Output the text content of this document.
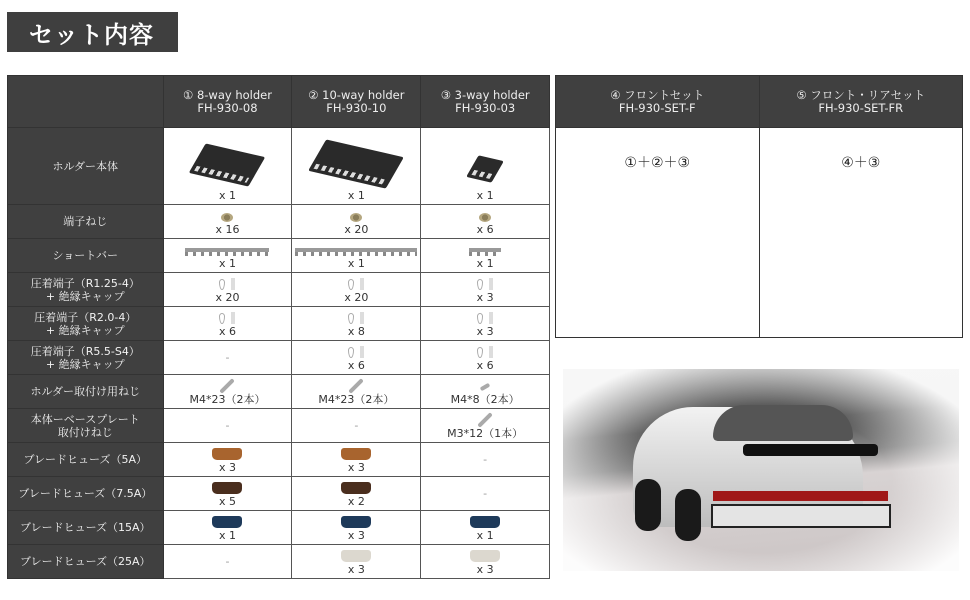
セット内容

① 8-way holder
FH-930-08

② 10-way holder
FH-930-10

③ 3-way holder
FH-930-03

ホルダー本体	x 1	x 1	x 1

端子ねじ	x 16	x 20	x 6

ショートバー	x 1	x 1	x 1

圧着端子（R1.25-4）
+ 絶縁キャップ	x 20	x 20	x 3

圧着端子（R2.0-4）
+ 絶縁キャップ	x 6	x 8	x 3

圧着端子（R5.5-S4）
+ 絶縁キャップ	-	x 6	x 6

ホルダー取付け用ねじ	M4*23（2本）	M4*23（2本）	M4*8（2本）

本体ーベースプレート
取付けねじ	-	-	M3*12（1本）

ブレードヒューズ（5A）	x 3	x 3	-
ブレードヒューズ（7.5A）	x 5	x 2	-
ブレードヒューズ（15A）	x 1	x 3	x 1

ブレードヒューズ（25A）	-	x 3	x 3
④ フロントセット
FH-930-SET-F

⑤ フロント・リアセット
FH-930-SET-FR

①＋②＋③	④＋③
